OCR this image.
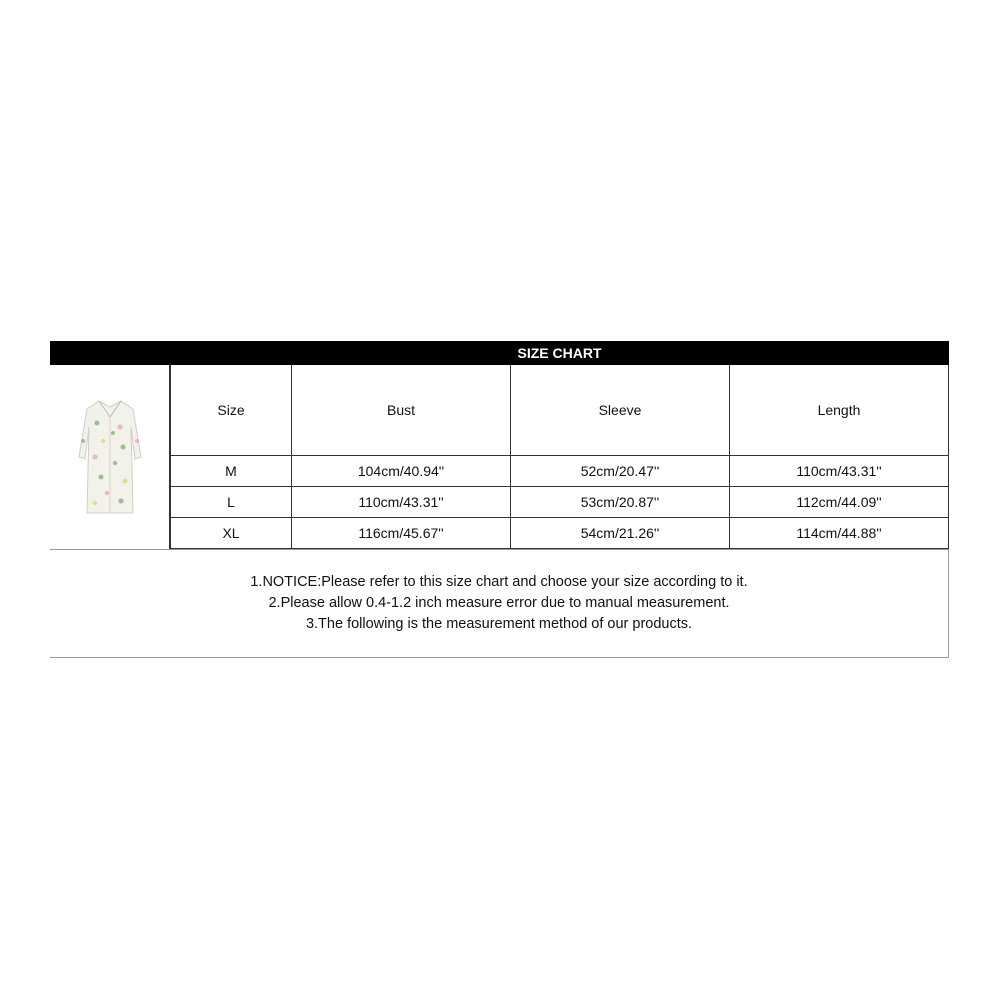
SIZE CHART
Size	Bust	Sleeve	Length
M	104cm/40.94''	52cm/20.47''	110cm/43.31''
L	110cm/43.31''	53cm/20.87''	112cm/44.09''
XL	116cm/45.67''	54cm/21.26''	114cm/44.88''
1.NOTICE:Please refer to this size chart and choose your size according to it.
2.Please allow 0.4-1.2 inch measure error due to manual measurement.
3.The following is the measurement method of our products.
